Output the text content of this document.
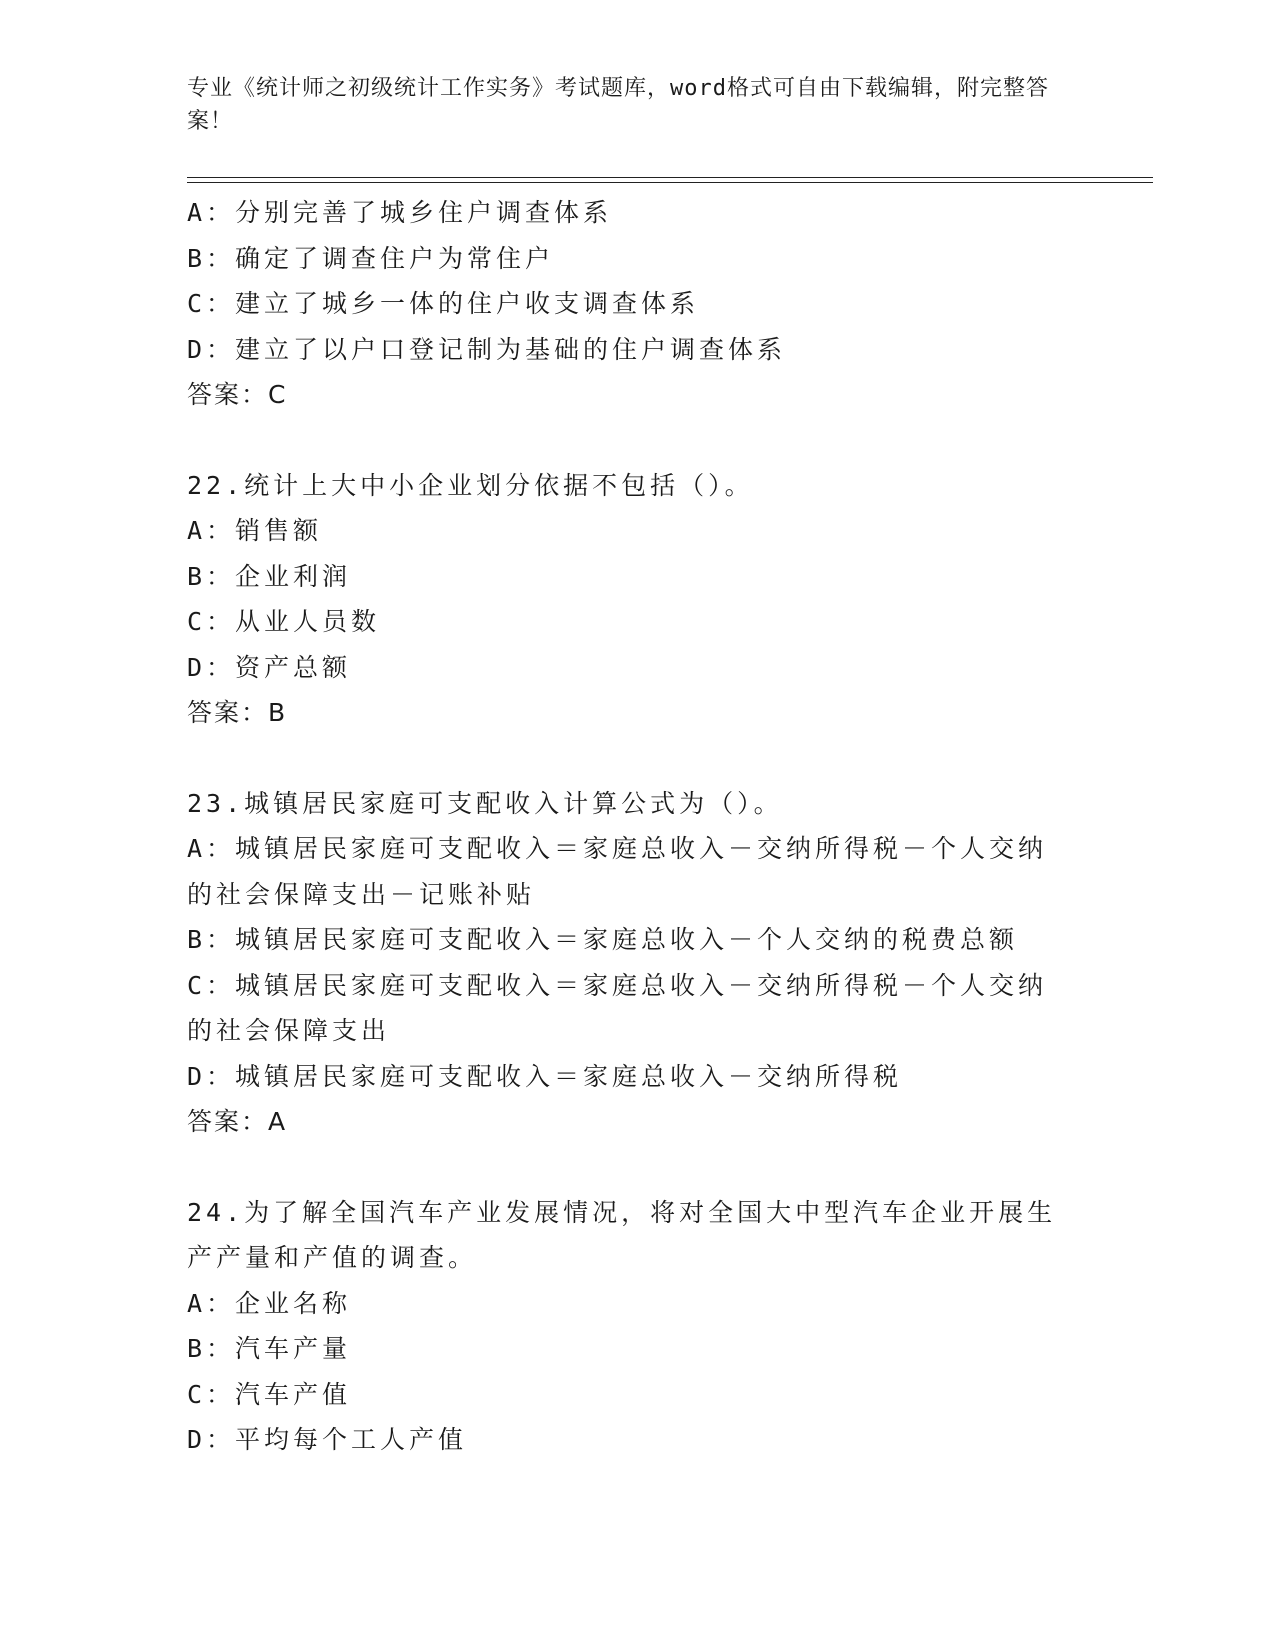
专业《统计师之初级统计工作实务》考试题库，word格式可自由下载编辑，附完整答案！
A：分别完善了城乡住户调查体系
B：确定了调查住户为常住户
C：建立了城乡一体的住户收支调查体系
D：建立了以户口登记制为基础的住户调查体系
答案：C
22.统计上大中小企业划分依据不包括（）。
A：销售额
B：企业利润
C：从业人员数
D：资产总额
答案：B
23.城镇居民家庭可支配收入计算公式为（）。
A：城镇居民家庭可支配收入＝家庭总收入－交纳所得税－个人交纳的社会保障支出－记账补贴
B：城镇居民家庭可支配收入＝家庭总收入－个人交纳的税费总额
C：城镇居民家庭可支配收入＝家庭总收入－交纳所得税－个人交纳的社会保障支出
D：城镇居民家庭可支配收入＝家庭总收入－交纳所得税
答案：A
24.为了解全国汽车产业发展情况，将对全国大中型汽车企业开展生产产量和产值的调查。
A：企业名称
B：汽车产量
C：汽车产值
D：平均每个工人产值
